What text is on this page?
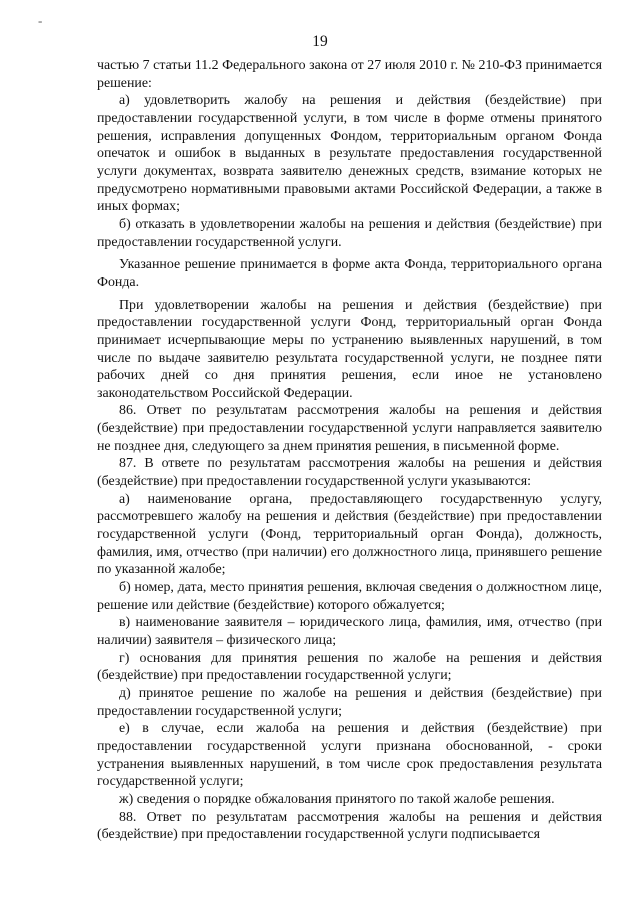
-
19

частью 7 статьи 11.2 Федерального закона от 27 июля 2010 г. № 210-ФЗ принимается решение:

а) удовлетворить жалобу на решения и действия (бездействие) при предоставлении государственной услуги, в том числе в форме отмены принятого решения, исправления допущенных Фондом, территориальным органом Фонда опечаток и ошибок в выданных в результате предоставления государственной услуги документах, возврата заявителю денежных средств, взимание которых не предусмотрено нормативными правовыми актами Российской Федерации, а также в иных формах;

б) отказать в удовлетворении жалобы на решения и действия (бездействие) при предоставлении государственной услуги.

Указанное решение принимается в форме акта Фонда, территориального органа Фонда.

При удовлетворении жалобы на решения и действия (бездействие) при предоставлении государственной услуги Фонд, территориальный орган Фонда принимает исчерпывающие меры по устранению выявленных нарушений, в том числе по выдаче заявителю результата государственной услуги, не позднее пяти рабочих дней со дня принятия решения, если иное не установлено законодательством Российской Федерации.

86. Ответ по результатам рассмотрения жалобы на решения и действия (бездействие) при предоставлении государственной услуги направляется заявителю не позднее дня, следующего за днем принятия решения, в письменной форме.

87. В ответе по результатам рассмотрения жалобы на решения и действия (бездействие) при предоставлении государственной услуги указываются:

а) наименование органа, предоставляющего государственную услугу, рассмотревшего жалобу на решения и действия (бездействие) при предоставлении государственной услуги (Фонд, территориальный орган Фонда), должность, фамилия, имя, отчество (при наличии) его должностного лица, принявшего решение по указанной жалобе;

б) номер, дата, место принятия решения, включая сведения о должностном лице, решение или действие (бездействие) которого обжалуется;

в) наименование заявителя – юридического лица, фамилия, имя, отчество (при наличии) заявителя – физического лица;

г) основания для принятия решения по жалобе на решения и действия (бездействие) при предоставлении государственной услуги;

д) принятое решение по жалобе на решения и действия (бездействие) при предоставлении государственной услуги;

е) в случае, если жалоба на решения и действия (бездействие) при предоставлении государственной услуги признана обоснованной, - сроки устранения выявленных нарушений, в том числе срок предоставления результата государственной услуги;

ж) сведения о порядке обжалования принятого по такой жалобе решения.

88. Ответ по результатам рассмотрения жалобы на решения и действия (бездействие) при предоставлении государственной услуги подписывается
